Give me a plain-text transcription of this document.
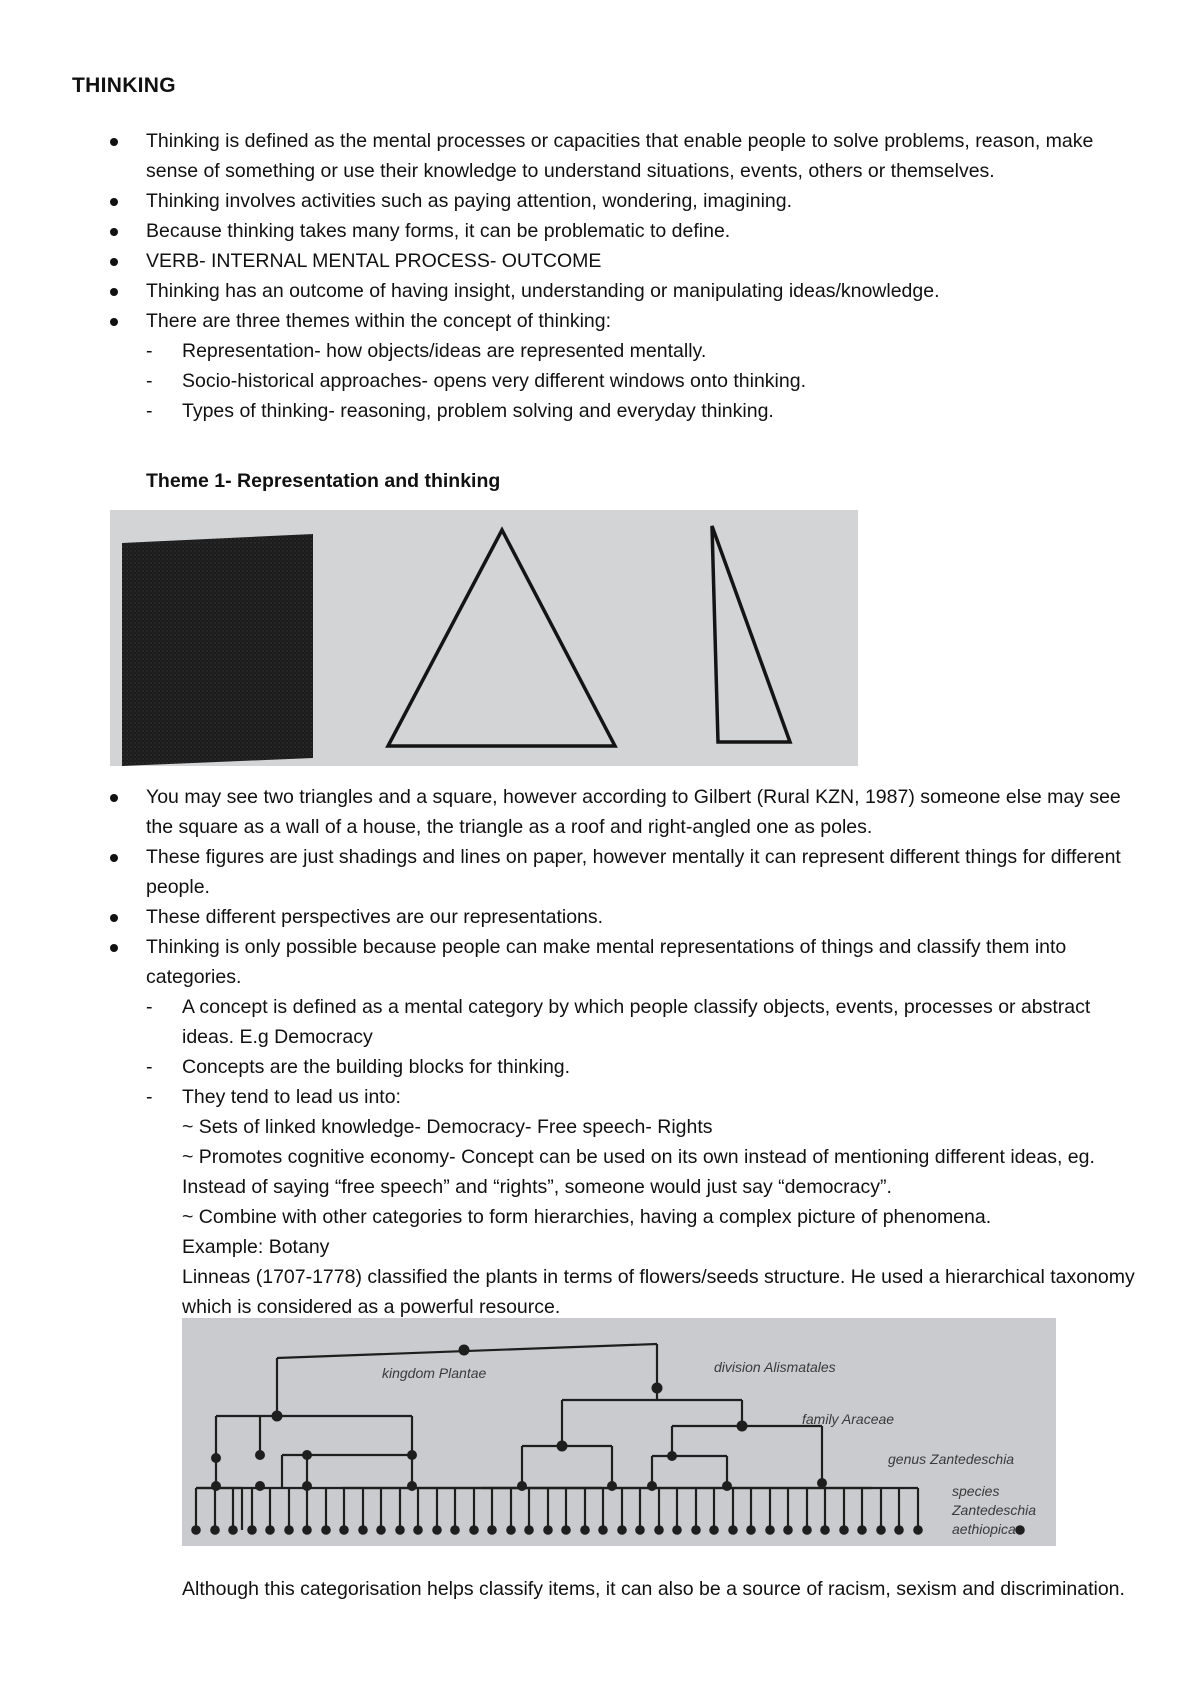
THINKING
Thinking is defined as the mental processes or capacities that enable people to solve problems, reason, make sense of something or use their knowledge to understand situations, events, others or themselves.
Thinking involves activities such as paying attention, wondering, imagining.
Because thinking takes many forms, it can be problematic to define.
VERB- INTERNAL MENTAL PROCESS- OUTCOME
Thinking has an outcome of having insight, understanding or manipulating ideas/knowledge.
There are three themes within the concept of thinking:
- Representation- how objects/ideas are represented mentally.
- Socio-historical approaches- opens very different windows onto thinking.
- Types of thinking- reasoning, problem solving and everyday thinking.
Theme 1- Representation and thinking
You may see two triangles and a square, however according to Gilbert (Rural KZN, 1987) someone else may see the square as a wall of a house, the triangle as a roof and right-angled one as poles.
These figures are just shadings and lines on paper, however mentally it can represent different things for different people.
These different perspectives are our representations.
Thinking is only possible because people can make mental representations of things and classify them into categories.
- A concept is defined as a mental category by which people classify objects, events, processes or abstract ideas. E.g Democracy
- Concepts are the building blocks for thinking.
- They tend to lead us into:
~ Sets of linked knowledge- Democracy- Free speech- Rights
~ Promotes cognitive economy- Concept can be used on its own instead of mentioning different ideas, eg. Instead of saying “free speech” and “rights”, someone would just say “democracy”.
~ Combine with other categories to form hierarchies, having a complex picture of phenomena.
Example: Botany
Linneas (1707-1778) classified the plants in terms of flowers/seeds structure. He used a hierarchical taxonomy which is considered as a powerful resource.
kingdom Plantae	division Alismatales
family Araceae
genus Zantedeschia
species
Zantedeschia
aethiopica
Although this categorisation helps classify items, it can also be a source of racism, sexism and discrimination.
